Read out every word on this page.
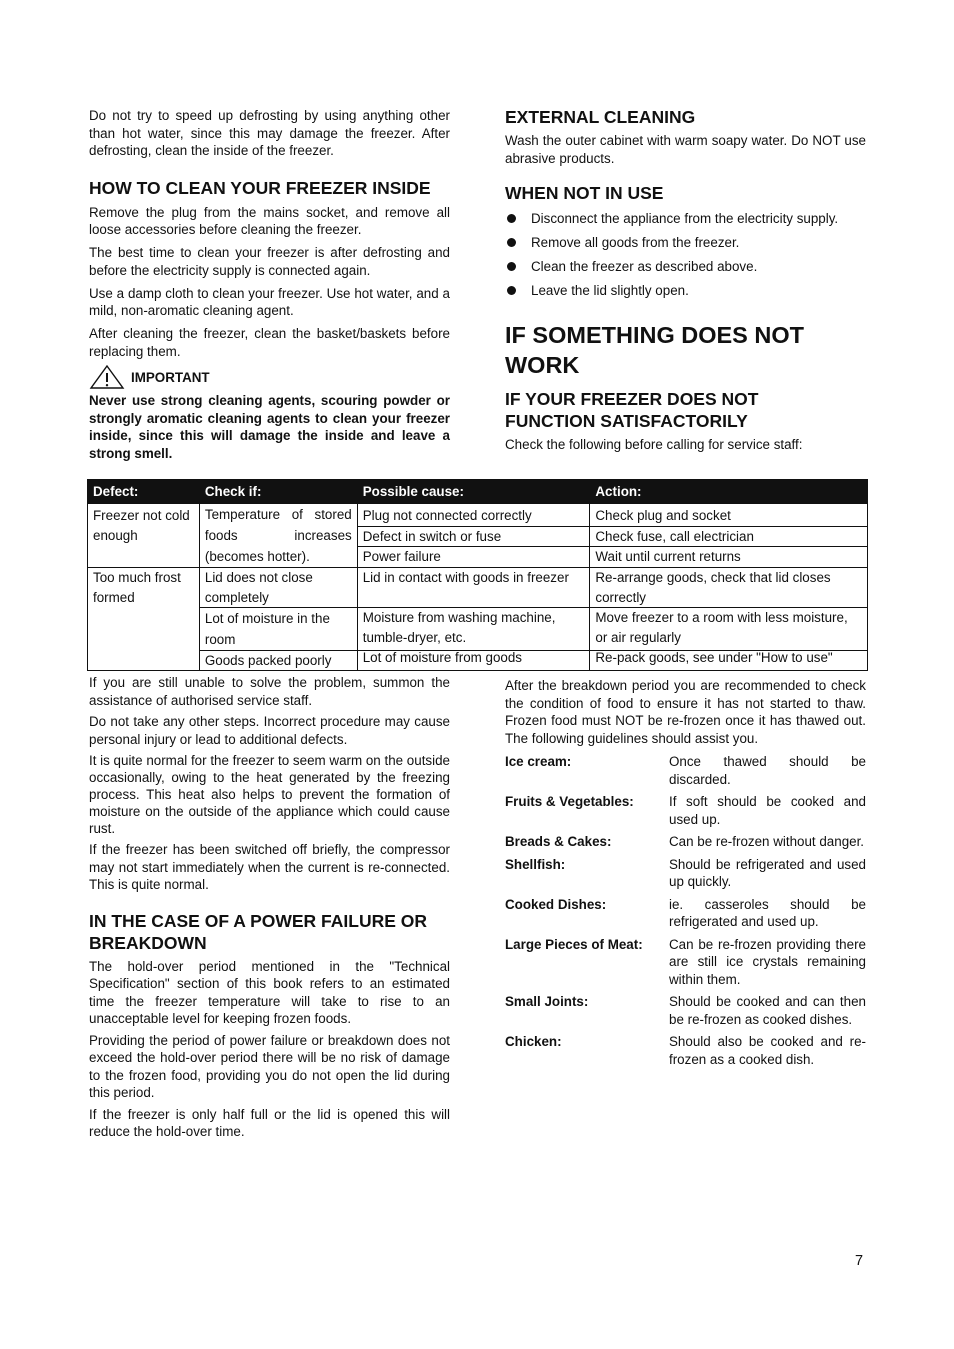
Do not try to speed up defrosting by using anything other than hot water, since this may damage the freezer. After defrosting, clean the inside of the freezer.

HOW TO CLEAN YOUR FREEZER INSIDE

Remove the plug from the mains socket, and remove all loose accessories before cleaning the freezer.

The best time to clean your freezer is after defrosting and before the electricity supply is connected again.

Use a damp cloth to clean your freezer. Use hot water, and a mild, non-aromatic cleaning agent.

After cleaning the freezer, clean the basket/baskets before replacing them.

IMPORTANT

Never use strong cleaning agents, scouring powder or strongly aromatic cleaning agents to clean your freezer inside, since this will damage the inside and leave a strong smell.

EXTERNAL CLEANING

Wash the outer cabinet with warm soapy water. Do NOT use abrasive products.

WHEN NOT IN USE
Disconnect the appliance from the electricity supply.
Remove all goods from the freezer.
Clean the freezer as described above.
Leave the lid slightly open.
IF SOMETHING DOES NOT WORK
IF YOUR FREEZER DOES NOT FUNCTION SATISFACTORILY

Check the following before calling for service staff:

Defect:	Check if:	Possible cause:	Action:
Freezer not cold enough	Temperature of stored foods increases (becomes hotter).	Plug not connected correctly	Check plug and socket
		Defect in switch or fuse	Check fuse, call electrician
		Power failure	Wait until current returns
Too much frost formed	Lid does not close completely	Lid in contact with goods in freezer	Re-arrange goods, check that lid closes correctly
	Lot of moisture in the room	Moisture from washing machine, tumble-dryer, etc.	Move freezer to a room with less moisture, or air regularly
	Goods packed poorly	Lot of moisture from goods	Re-pack goods, see under "How to use"

If you are still unable to solve the problem, summon the assistance of authorised service staff.

Do not take any other steps. Incorrect procedure may cause personal injury or lead to additional defects.

It is quite normal for the freezer to seem warm on the outside occasionally, owing to the heat generated by the freezing process. This heat also helps to prevent the formation of moisture on the outside of the appliance which could cause rust.

If the freezer has been switched off briefly, the compressor may not start immediately when the current is re-connected. This is quite normal.

IN THE CASE OF A POWER FAILURE OR BREAKDOWN

The hold-over period mentioned in the "Technical Specification" section of this book refers to an estimated time the freezer temperature will take to rise to an unacceptable level for keeping frozen foods.

Providing the period of power failure or breakdown does not exceed the hold-over period there will be no risk of damage to the frozen food, providing you do not open the lid during this period.

If the freezer is only half full or the lid is opened this will reduce the hold-over time.

After the breakdown period you are recommended to check the condition of food to ensure it has not started to thaw. Frozen food must NOT be re-frozen once it has thawed out. The following guidelines should assist you.

Ice cream:	Once thawed should be discarded.
Fruits & Vegetables:	If soft should be cooked and used up.
Breads & Cakes:	Can be re-frozen without danger.
Shellfish:	Should be refrigerated and used up quickly.
Cooked Dishes:	ie. casseroles should be refrigerated and used up.
Large Pieces of Meat:	Can be re-frozen providing there are still ice crystals remaining within them.
Small Joints:	Should be cooked and can then be re-frozen as cooked dishes.
Chicken:	Should also be cooked and re-frozen as a cooked dish.
7
